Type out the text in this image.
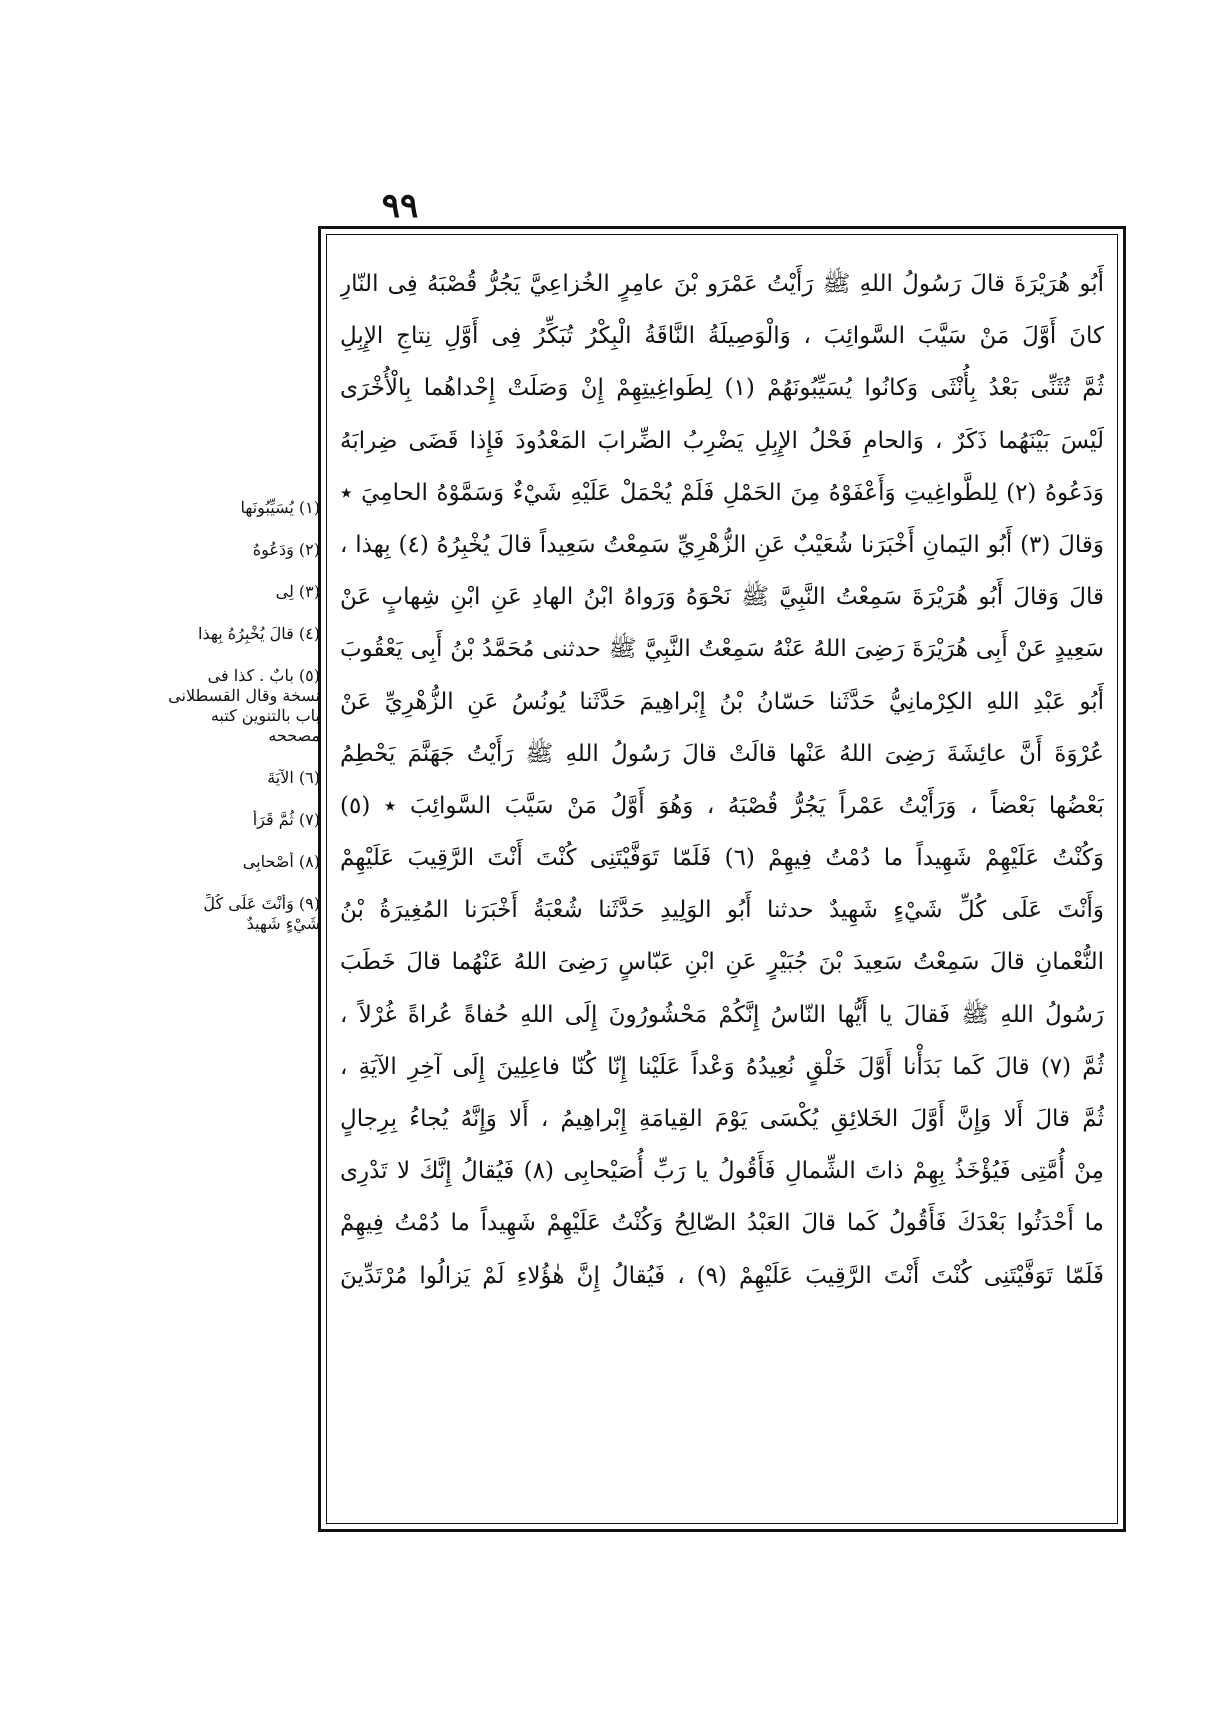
٩٩
أَبُو هُرَيْرَةَ قالَ رَسُولُ اللهِ ﷺ رَأَيْتُ عَمْرَو بْنَ عامِرٍ الخُزاعِيَّ يَجُرُّ قُصْبَهُ فِى النّارِ
كانَ أَوَّلَ مَنْ سَيَّبَ السَّوائِبَ ، وَالْوَصِيلَةُ النَّاقَةُ الْبِكْرُ تُبَكِّرُ فِى أَوَّلِ نِتاجِ الإِبِلِ
ثُمَّ تُثَنِّى بَعْدُ بِأُنْثَى وَكانُوا يُسَيِّبُونَهُمْ (١) لِطَواغِيتِهِمْ إِنْ وَصَلَتْ إِحْداهُما بِالْأُخْرَى
لَيْسَ بَيْنَهُما ذَكَرٌ ، وَالحامِ فَحْلُ الإِبِلِ يَضْرِبُ الضِّرابَ المَعْدُودَ فَإِذا قَضَى ضِرابَهُ
وَدَعُوهُ (٢) لِلطَّواغِيتِ وَأَعْفَوْهُ مِنَ الحَمْلِ فَلَمْ يُحْمَلْ عَلَيْهِ شَيْءٌ وَسَمَّوْهُ الحامِيَ ٭
وَقالَ (٣) أَبُو اليَمانِ أَخْبَرَنا شُعَيْبٌ عَنِ الزُّهْرِيِّ سَمِعْتُ سَعِيداً قالَ يُخْبِرُهُ (٤) بِهذا ،
قالَ وَقالَ أَبُو هُرَيْرَةَ سَمِعْتُ النَّبِيَّ ﷺ نَحْوَهُ وَرَواهُ ابْنُ الهادِ عَنِ ابْنِ شِهابٍ عَنْ
سَعِيدٍ عَنْ أَبِى هُرَيْرَةَ رَضِىَ اللهُ عَنْهُ سَمِعْتُ النَّبِيَّ ﷺ حدثنى مُحَمَّدُ بْنُ أَبِى يَعْقُوبَ
أَبُو عَبْدِ اللهِ الكِرْمانِيُّ حَدَّثَنا حَسّانُ بْنُ إِبْراهِيمَ حَدَّثَنا يُونُسُ عَنِ الزُّهْرِيِّ عَنْ
عُرْوَةَ أَنَّ عائِشَةَ رَضِىَ اللهُ عَنْها قالَتْ قالَ رَسُولُ اللهِ ﷺ رَأَيْتُ جَهَنَّمَ يَحْطِمُ
بَعْضُها بَعْضاً ، وَرَأَيْتُ عَمْراً يَجُرُّ قُصْبَهُ ، وَهُوَ أَوَّلُ مَنْ سَيَّبَ السَّوائِبَ ٭ (٥)
وَكُنْتُ عَلَيْهِمْ شَهِيداً ما دُمْتُ فِيهِمْ (٦) فَلَمّا تَوَفَّيْتَنِى كُنْتَ أَنْتَ الرَّقِيبَ عَلَيْهِمْ
وَأَنْتَ عَلَى كُلِّ شَيْءٍ شَهِيدٌ حدثنا أَبُو الوَلِيدِ حَدَّثَنا شُعْبَةُ أَخْبَرَنا المُغِيرَةُ بْنُ
النُّعْمانِ قالَ سَمِعْتُ سَعِيدَ بْنَ جُبَيْرٍ عَنِ ابْنِ عَبّاسٍ رَضِىَ اللهُ عَنْهُما قالَ خَطَبَ
رَسُولُ اللهِ ﷺ فَقالَ يا أَيُّها النّاسُ إِنَّكُمْ مَحْشُورُونَ إِلَى اللهِ حُفاةً عُراةً غُرْلاً ،
ثُمَّ (٧) قالَ كَما بَدَأْنا أَوَّلَ خَلْقٍ نُعِيدُهُ وَعْداً عَلَيْنا إِنّا كُنّا فاعِلِينَ إِلَى آخِرِ الآيَةِ ،
ثُمَّ قالَ أَلا وَإِنَّ أَوَّلَ الخَلائِقِ يُكْسَى يَوْمَ القِيامَةِ إِبْراهِيمُ ، أَلا وَإِنَّهُ يُجاءُ بِرِجالٍ
مِنْ أُمَّتِى فَيُؤْخَذُ بِهِمْ ذاتَ الشِّمالِ فَأَقُولُ يا رَبِّ أُصَيْحابِى (٨) فَيُقالُ إِنَّكَ لا تَدْرِى
ما أَحْدَثُوا بَعْدَكَ فَأَقُولُ كَما قالَ العَبْدُ الصّالِحُ وَكُنْتُ عَلَيْهِمْ شَهِيداً ما دُمْتُ فِيهِمْ
فَلَمّا تَوَفَّيْتَنِى كُنْتَ أَنْتَ الرَّقِيبَ عَلَيْهِمْ (٩) ، فَيُقالُ إِنَّ هٰؤُلاءِ لَمْ يَزالُوا مُرْتَدِّينَ
(١) يُسَيِّبُونَها
(٢) وَدَعُوهُ
(٣) لِى
(٤) قالَ يُخْبِرُهُ بِهذا
(٥) بابٌ . كذا فى
نسخة وقال القسطلانى
باب بالتنوين كتبه
مصححه
(٦) الآيَةَ
(٧) ثُمَّ قَرَأَ
(٨) أَصْحابِى
(٩) وَأَنْتَ عَلَى كُلِّ
شَيْءٍ شَهِيدٌ
